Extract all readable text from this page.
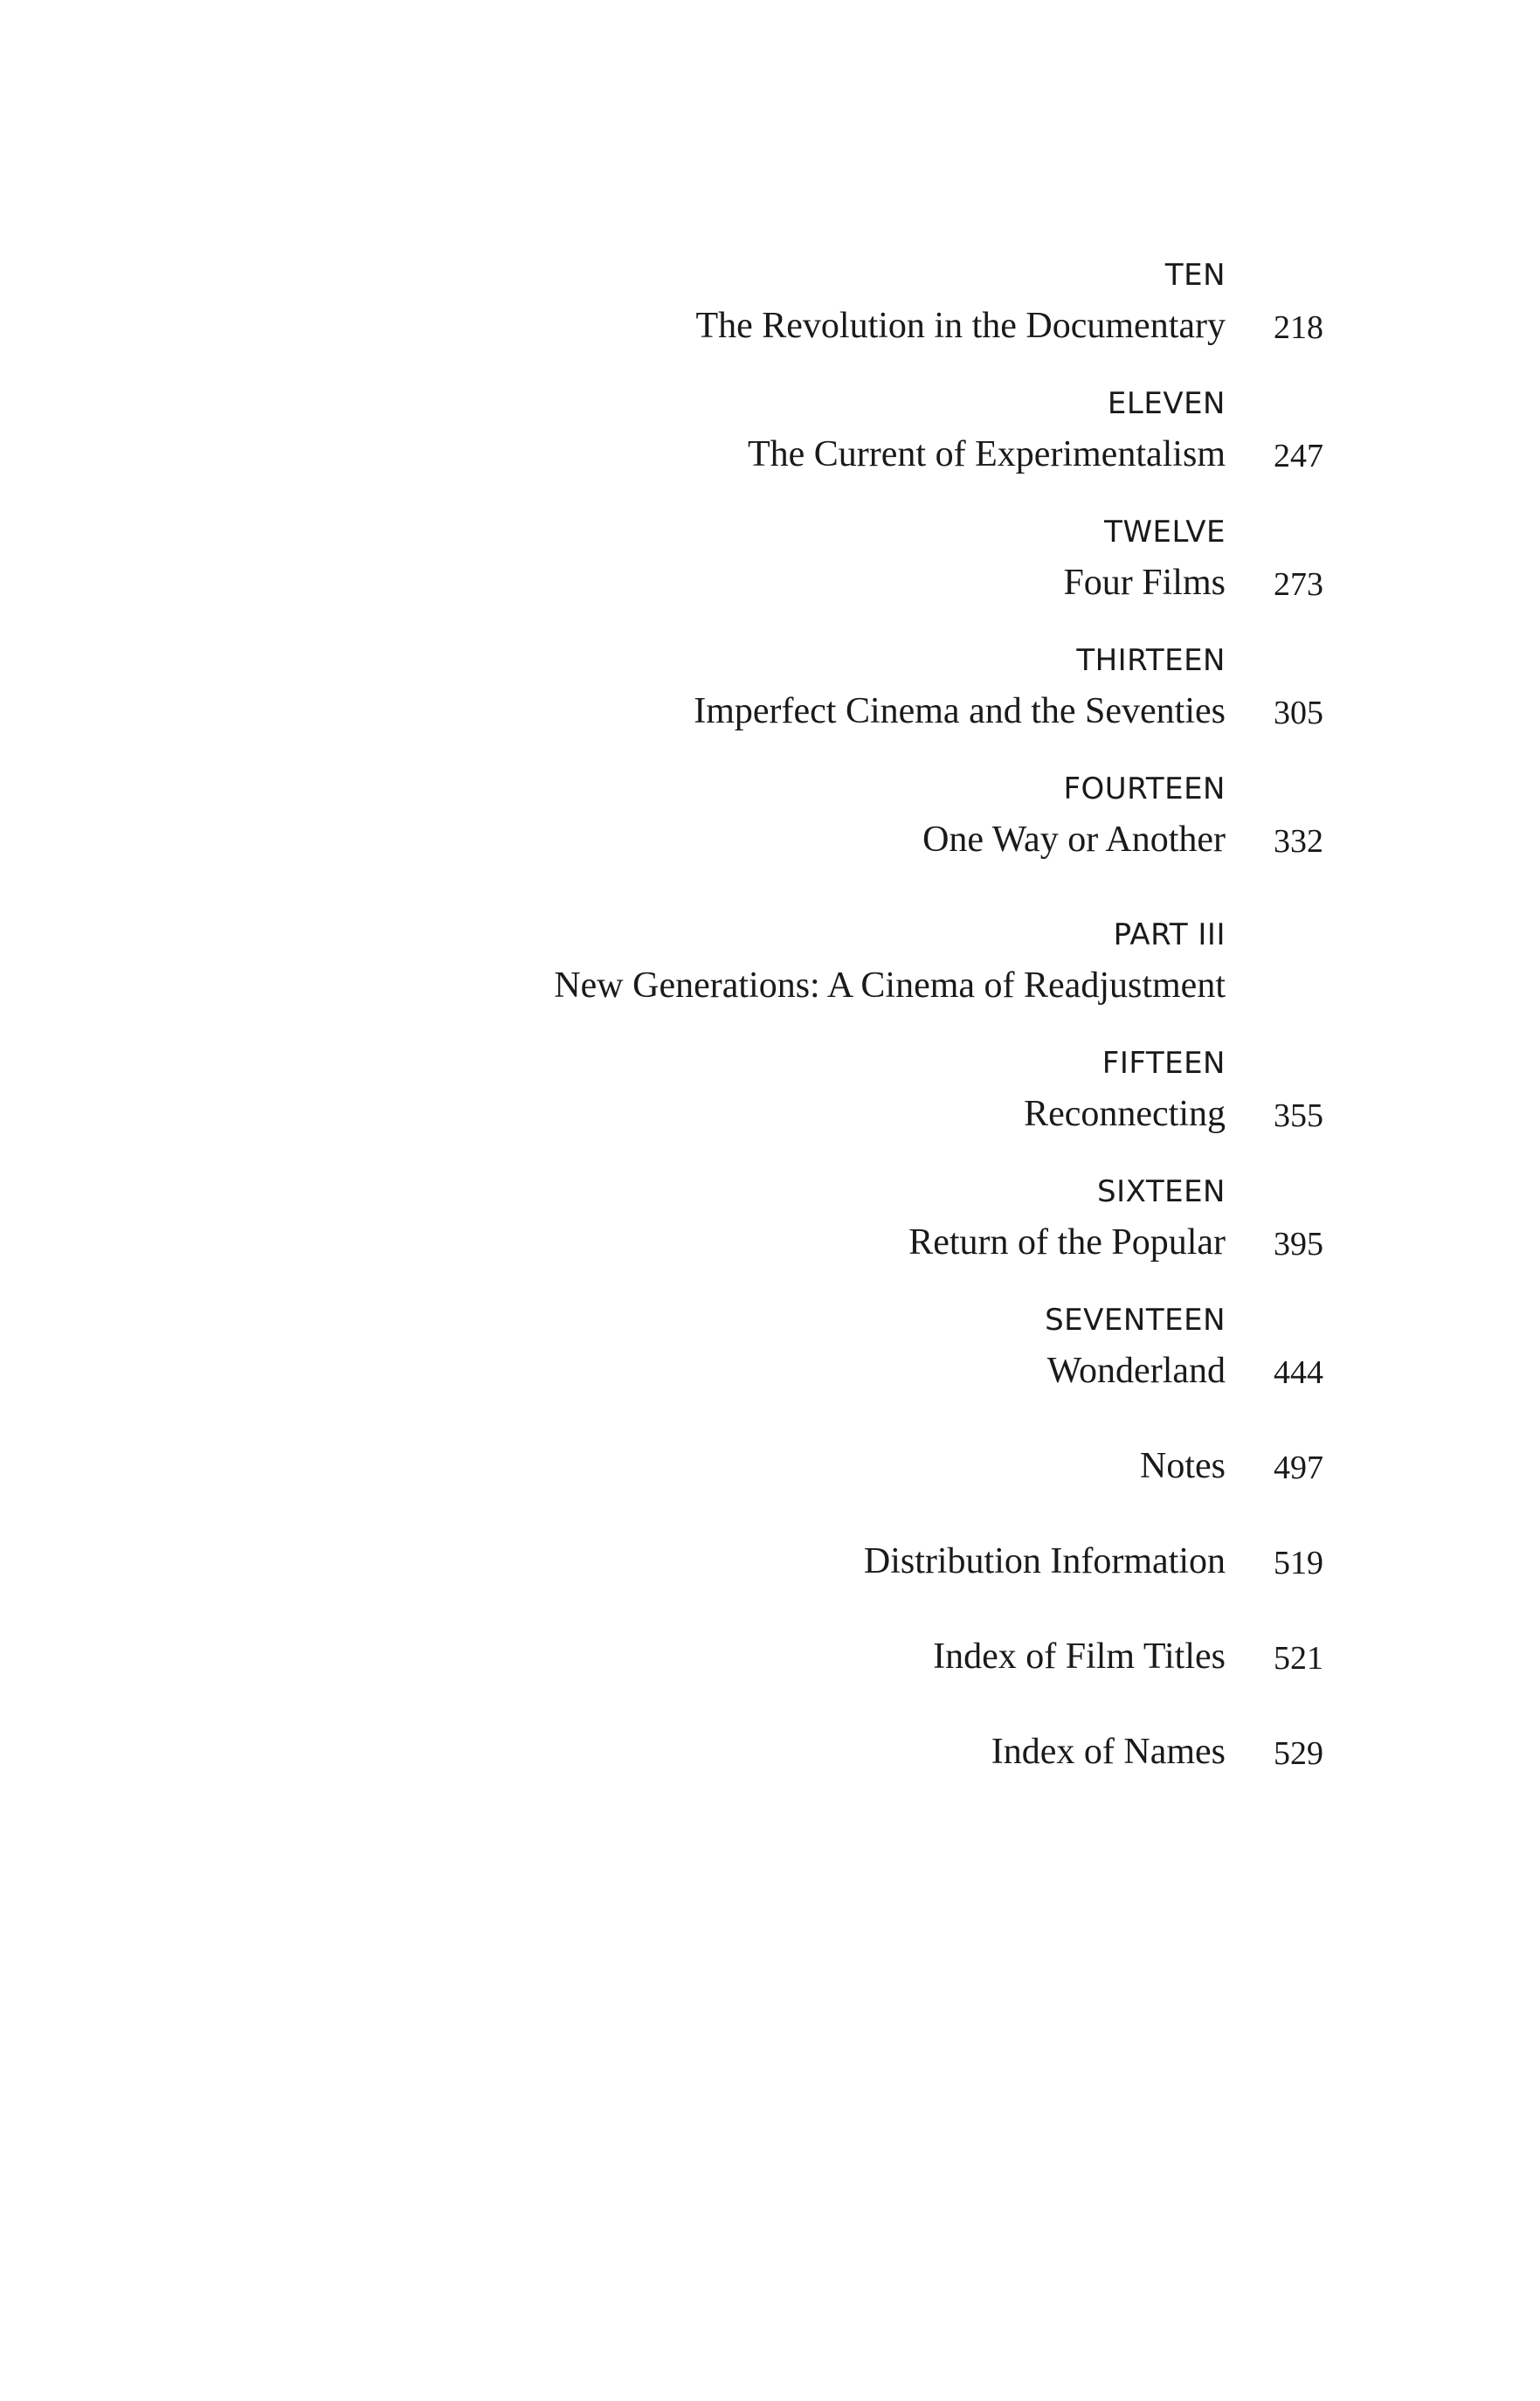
TEN
The Revolution in the Documentary 218
ELEVEN
The Current of Experimentalism 247
TWELVE
Four Films 273
THIRTEEN
Imperfect Cinema and the Seventies 305
FOURTEEN
One Way or Another 332
PART III
New Generations: A Cinema of Readjustment
FIFTEEN
Reconnecting 355
SIXTEEN
Return of the Popular 395
SEVENTEEN
Wonderland 444
Notes 497
Distribution Information 519
Index of Film Titles 521
Index of Names 529
